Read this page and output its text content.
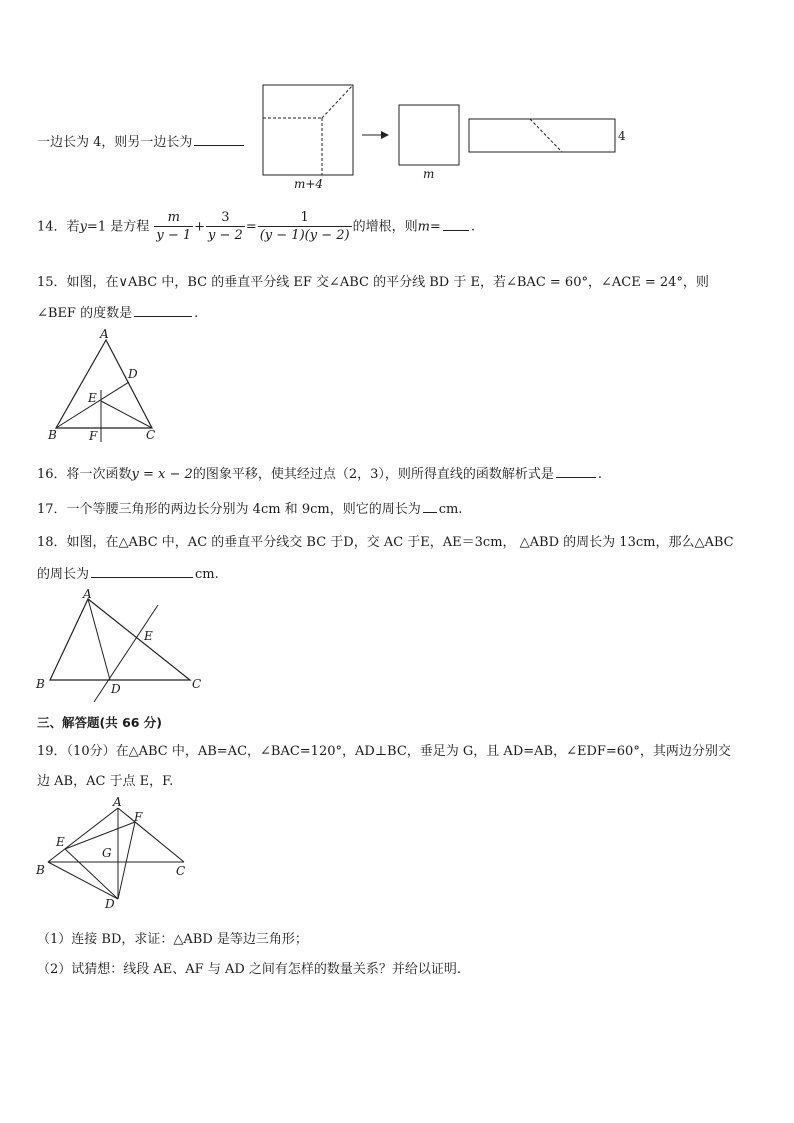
一边长为 4，则另一边长为
m+4
m
4
14．若y=1 是方程 $\frac{m}{y - 1} + \frac{3}{y - 2} = \frac{1}{(y - 1)(y - 2)}$ 的增根，则m= .
15．如图，在∨ABC 中，BC 的垂直平分线 EF 交∠ABC 的平分线 BD 于 E，若∠BAC = 60°，∠ACE = 24°，则
∠BEF 的度数是	.
A
B	C
D
E
F
16．将一次函数y = x − 2的图象平移，使其经过点（2，3），则所得直线的函数解析式是	.
17．一个等腰三角形的两边长分别为 4cm 和 9cm，则它的周长为 cm.
18．如图，在△ABC 中，AC 的垂直平分线交 BC 于D，交 AC 于E，AE＝3cm， △ABD 的周长为 13cm，那么△ABC
的周长为	cm.
A
B	C
D
E
三、解答题(共 66 分)
19．（10分）在△ABC 中，AB=AC，∠BAC=120°，AD⊥BC，垂足为 G，且 AD=AB，∠EDF=60°，其两边分别交
边 AB，AC 于点 E，F.
A
B	C
D
E
F
G
（1）连接 BD，求证：△ABD 是等边三角形；
（2）试猜想：线段 AE、AF 与 AD 之间有怎样的数量关系？并给以证明.
